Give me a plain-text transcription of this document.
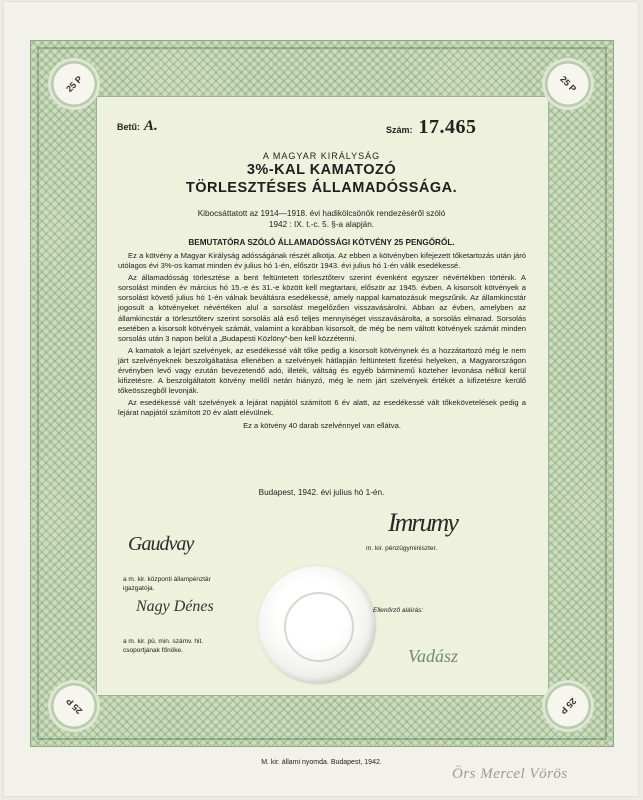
25 P	25 P
25 P	25 P
Betű: A.	Szám: 17.465
A MAGYAR KIRÁLYSÁG
3%-KAL KAMATOZÓ
TÖRLESZTÉSES ÁLLAMADÓSSÁGA.
Kibocsáttatott az 1914—1918. évi hadikölcsönök rendezéséről szóló
1942 : IX. t.-c. 5. §-a alapján.
BEMUTATÓRA SZÓLÓ ÁLLAMADÓSSÁGI KÖTVÉNY 25 PENGŐRŐL.

Ez a kötvény a Magyar Királyság adósságának részét alkotja. Az ebben a kötvényben kifejezett tőketartozás után járó utólagos évi 3%-os kamat minden év julius hó 1-én, először 1943. évi julius hó 1-én válik esedékessé.

Az államadósság törlesztése a bent feltüntetett törlesztőterv szerint évenként egyszer névértékben történik. A sorsolást minden év március hó 15.-e és 31.-e között kell megtartani, először az 1945. évben. A kisorsolt kötvények a sorsolást követő julius hó 1-én válnak beváltásra esedékessé, amely nappal kamatozásuk megszűnik. Az államkincstár jogosult a kötvényeket névértéken alul a sorsolást megelőzően visszavásárolni. Abban az évben, amelyben az államkincstár a törlesztőterv szerint sorsolás alá eső teljes mennyiséget visszavásárolta, a sorsolás elmarad. Sorsolás esetében a kisorsolt kötvények számát, valamint a korábban kisorsolt, de még be nem váltott kötvények számát minden sorsolás után 3 napon belül a „Budapesti Közlöny”-ben kell közzétenni.

A kamatok a lejárt szelvények, az esedékessé vált tőke pedig a kisorsolt kötvénynek és a hozzátartozó még le nem járt szelvényeknek beszolgáltatása ellenében a szelvények hátlapján feltüntetett fizetési helyeken, a Magyarországon érvényben levő vagy ezután bevezetendő adó, illeték, váltság és egyéb bárminemű közteher levonása nélkül kerül kifizetésre. A beszolgáltatott kötvény mellől netán hiányzó, még le nem járt szelvények értékét a kifizetésre kerülő tőkeösszegből levonják.

Az esedékessé vált szelvények a lejárat napjától számított 6 év alatt, az esedékessé vált tőkekövetelések pedig a lejárat napjától számított 20 év alatt elévülnek.

Ez a kötvény 40 darab szelvénnyel van ellátva.

Budapest, 1942. évi julius hó 1-én.
Imrumy
Gaudvay	m. kir. pénzügyminiszter.
a m. kir. központi állampénztár
igazgatója.
Nagy Dénes
a m. kir. pü. min. számv. hit.
csoportjának főnöke.
Ellenőrző aláírás:
Vadász
M. kir. állami nyomda. Budapest, 1942.
Örs Mercel Vörös
